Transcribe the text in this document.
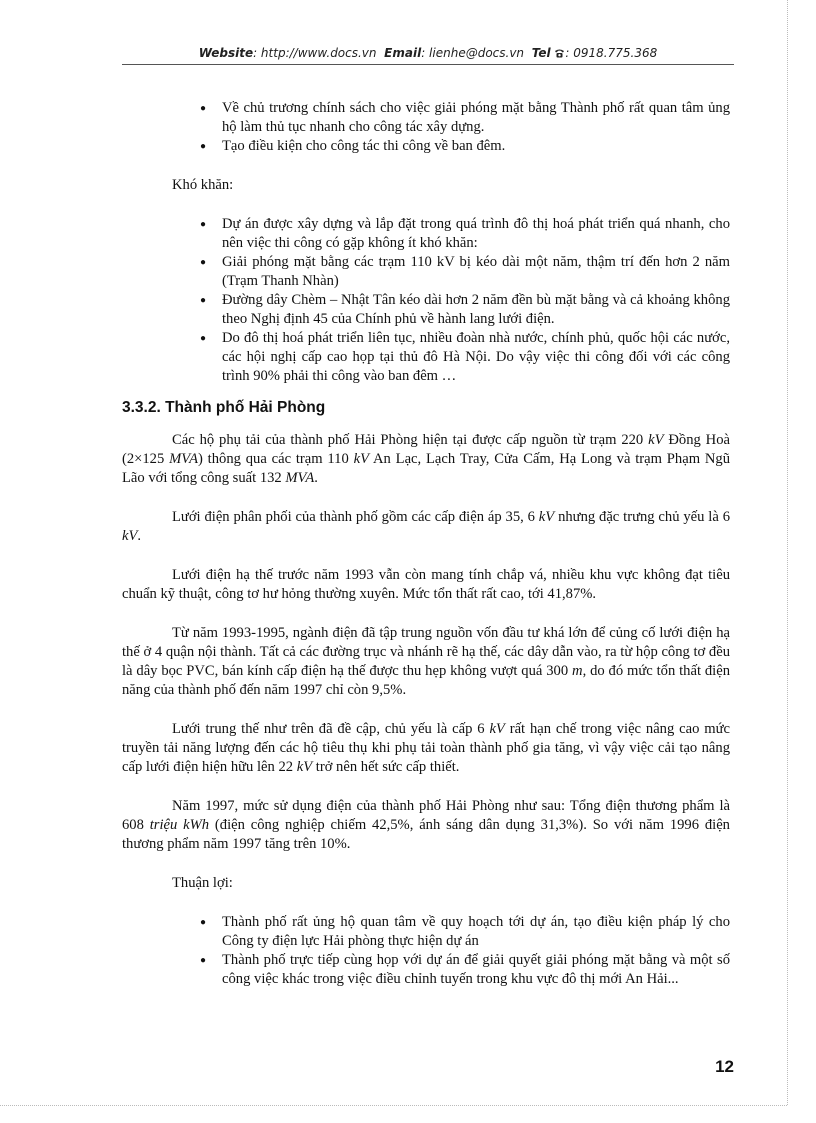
Website: http://www.docs.vn Email: lienhe@docs.vn Tel : 0918.775.368
● Về chủ trương chính sách cho việc giải phóng mặt bằng Thành phố rất quan tâm ủng hộ làm thủ tục nhanh cho công tác xây dựng.
● Tạo điều kiện cho công tác thi công về ban đêm.

Khó khăn:

● Dự án được xây dựng và lắp đặt trong quá trình đô thị hoá phát triển quá nhanh, cho nên việc thi công có gặp không ít khó khăn:
● Giải phóng mặt bằng các trạm 110 kV bị kéo dài một năm, thậm trí đến hơn 2 năm (Trạm Thanh Nhàn)
● Đường dây Chèm – Nhật Tân kéo dài hơn 2 năm đền bù mặt bằng và cả khoảng không theo Nghị định 45 của Chính phủ về hành lang lưới điện.
● Do đô thị hoá phát triển liên tục, nhiều đoàn nhà nước, chính phủ, quốc hội các nước, các hội nghị cấp cao họp tại thủ đô Hà Nội. Do vậy việc thi công đối với các công trình 90% phải thi công vào ban đêm …
3.3.2. Thành phố Hải Phòng

Các hộ phụ tải của thành phố Hải Phòng hiện tại được cấp nguồn từ trạm 220 kV Đồng Hoà (2×125 MVA) thông qua các trạm 110 kV An Lạc, Lạch Tray, Cửa Cấm, Hạ Long và trạm Phạm Ngũ Lão với tổng công suất 132 MVA.

Lưới điện phân phối của thành phố gồm các cấp điện áp 35, 6 kV nhưng đặc trưng chủ yếu là 6 kV.

Lưới điện hạ thế trước năm 1993 vẫn còn mang tính chắp vá, nhiều khu vực không đạt tiêu chuẩn kỹ thuật, công tơ hư hỏng thường xuyên. Mức tổn thất rất cao, tới 41,87%.

Từ năm 1993-1995, ngành điện đã tập trung nguồn vốn đầu tư khá lớn để củng cố lưới điện hạ thế ở 4 quận nội thành. Tất cả các đường trục và nhánh rẽ hạ thế, các dây dẫn vào, ra từ hộp công tơ đều là dây bọc PVC, bán kính cấp điện hạ thế được thu hẹp không vượt quá 300 m, do đó mức tổn thất điện năng của thành phố đến năm 1997 chỉ còn 9,5%.

Lưới trung thế như trên đã đề cập, chủ yếu là cấp 6 kV rất hạn chế trong việc nâng cao mức truyền tải năng lượng đến các hộ tiêu thụ khi phụ tải toàn thành phố gia tăng, vì vậy việc cải tạo nâng cấp lưới điện hiện hữu lên 22 kV trở nên hết sức cấp thiết.

Năm 1997, mức sử dụng điện của thành phố Hải Phòng như sau: Tổng điện thương phẩm là 608 triệu kWh (điện công nghiệp chiếm 42,5%, ánh sáng dân dụng 31,3%). So với năm 1996 điện thương phẩm năm 1997 tăng trên 10%.

Thuận lợi:

● Thành phố rất ủng hộ quan tâm về quy hoạch tới dự án, tạo điều kiện pháp lý cho Công ty điện lực Hải phòng thực hiện dự án
● Thành phố trực tiếp cùng họp với dự án để giải quyết giải phóng mặt bằng và một số công việc khác trong việc điều chỉnh tuyến trong khu vực đô thị mới An Hải...
12
